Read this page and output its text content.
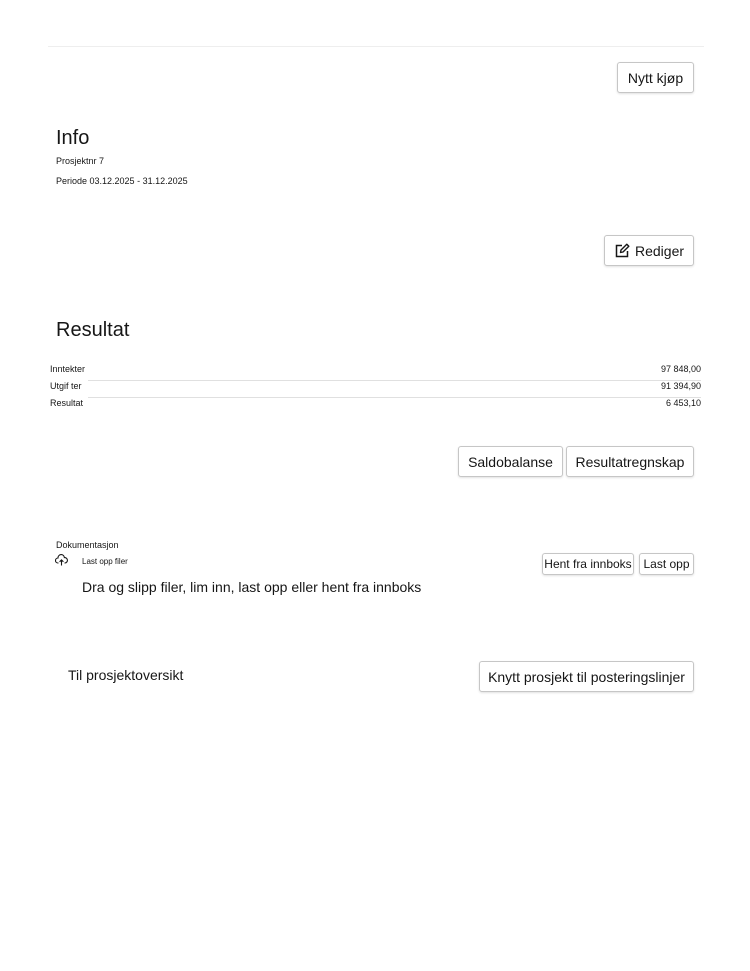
Nytt kjøp
Info
Prosjektnr 7
Periode 03.12.2025 - 31.12.2025
Rediger
Resultat
Inntekter	97 848,00
Utgif ter	91 394,90
Resultat	6 453,10
Saldobalanse	Resultatregnskap
Dokumentasjon
Last opp filer	Hent fra innboks Last opp
Dra og slipp filer, lim inn, last opp eller hent fra innboks
Til prosjektoversikt	Knytt prosjekt til posteringslinjer
